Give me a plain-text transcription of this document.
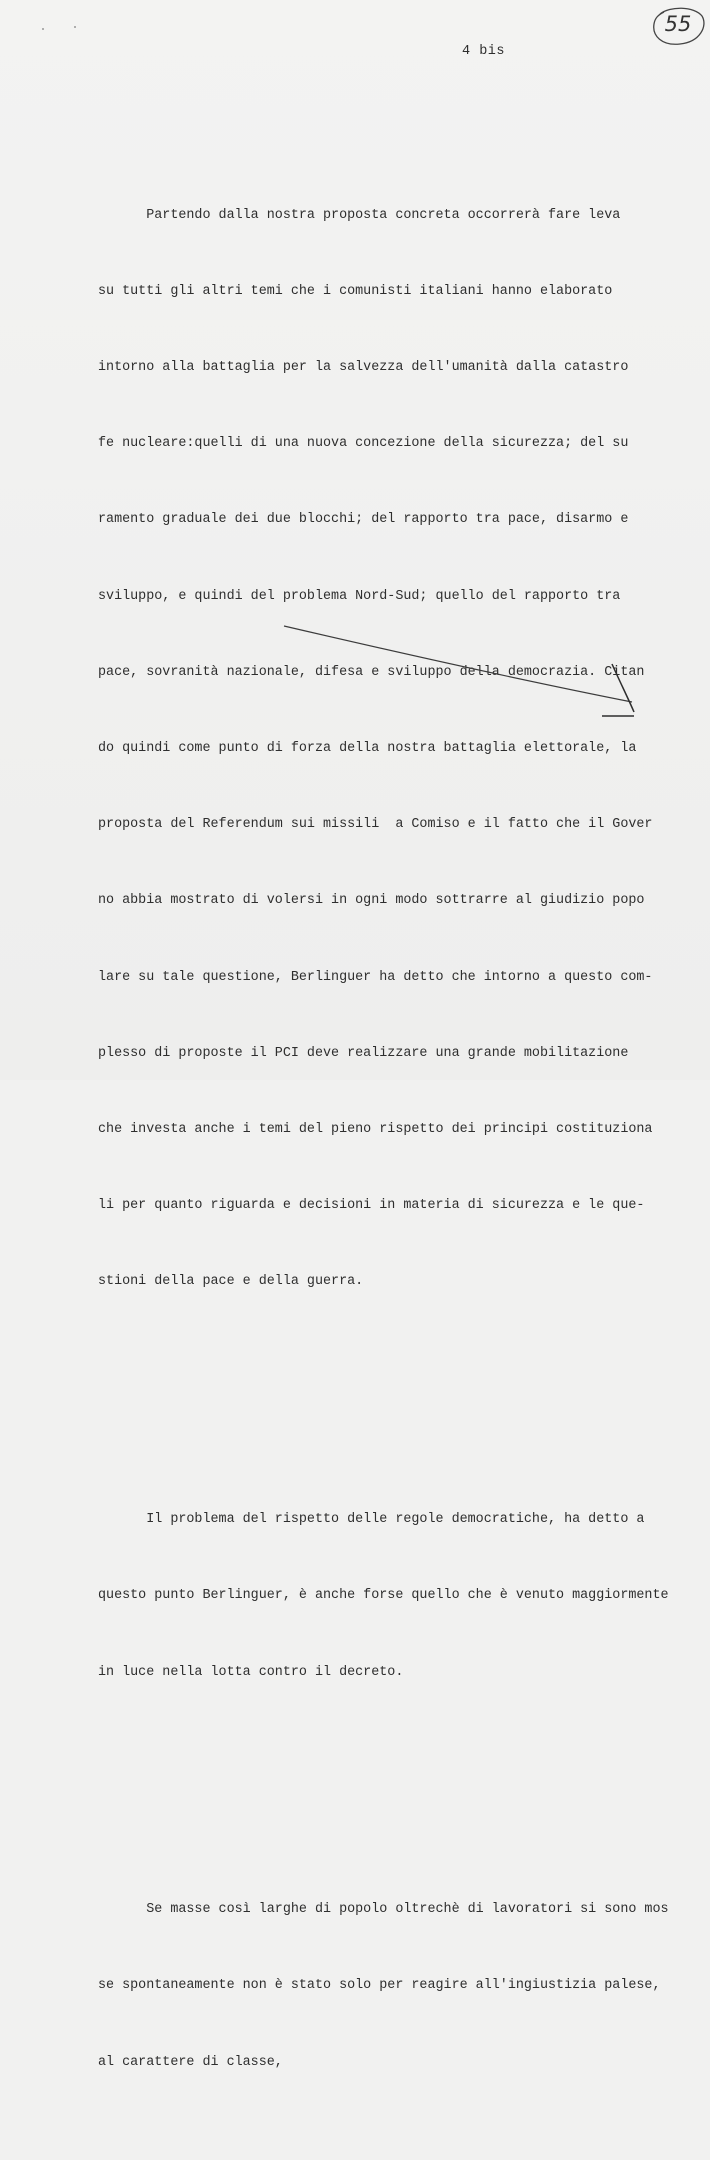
55
4 bis

Partendo dalla nostra proposta concreta occorrerà fare leva

su tutti gli altri temi che i comunisti italiani hanno elaborato

intorno alla battaglia per la salvezza dell'umanità dalla catastro

fe nucleare:quelli di una nuova concezione della sicurezza; del su

ramento graduale dei due blocchi; del rapporto tra pace, disarmo e

sviluppo, e quindi del problema Nord-Sud; quello del rapporto tra

pace, sovranità nazionale, difesa e sviluppo della democrazia. Citan

do quindi come punto di forza della nostra battaglia elettorale, la

proposta del Referendum sui missili  a Comiso e il fatto che il Gover

no abbia mostrato di volersi in ogni modo sottrarre al giudizio popo

lare su tale questione, Berlinguer ha detto che intorno a questo com-

plesso di proposte il PCI deve realizzare una grande mobilitazione

che investa anche i temi del pieno rispetto dei principi costituziona

li per quanto riguarda e decisioni in materia di sicurezza e le que-

stioni della pace e della guerra.

Il problema del rispetto delle regole democratiche, ha detto a

questo punto Berlinguer, è anche forse quello che è venuto maggiormente

in luce nella lotta contro il decreto.

Se masse così larghe di popolo oltrechè di lavoratori si sono mos

se spontaneamente non è stato solo per reagire all'ingiustizia palese,

al carattere di classe,
